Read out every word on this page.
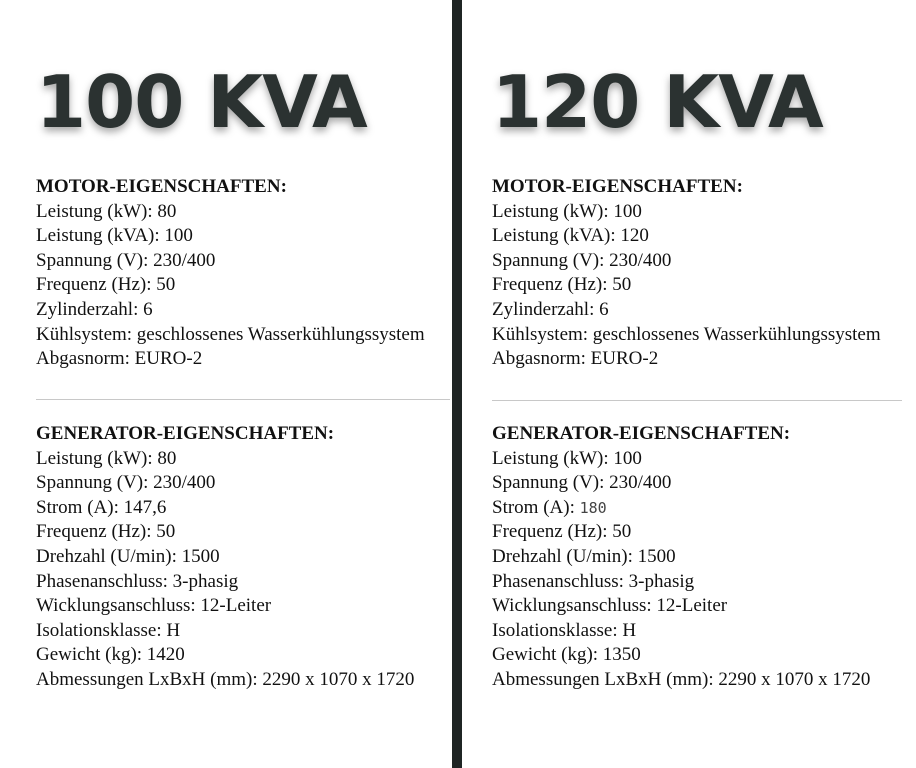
100 KVA
MOTOR-EIGENSCHAFTEN:
Leistung (kW): 80
Leistung (kVA): 100
Spannung (V): 230/400
Frequenz (Hz): 50
Zylinderzahl: 6
Kühlsystem: geschlossenes Wasserkühlungssystem
Abgasnorm: EURO-2
GENERATOR-EIGENSCHAFTEN:
Leistung (kW): 80
Spannung (V): 230/400
Strom (A): 147,6
Frequenz (Hz): 50
Drehzahl (U/min): 1500
Phasenanschluss: 3-phasig
Wicklungsanschluss: 12-Leiter
Isolationsklasse: H
Gewicht (kg): 1420
Abmessungen LxBxH (mm): 2290 x 1070 x 1720
120 KVA
MOTOR-EIGENSCHAFTEN:
Leistung (kW): 100
Leistung (kVA): 120
Spannung (V): 230/400
Frequenz (Hz): 50
Zylinderzahl: 6
Kühlsystem: geschlossenes Wasserkühlungssystem
Abgasnorm: EURO-2
GENERATOR-EIGENSCHAFTEN:
Leistung (kW): 100
Spannung (V): 230/400
Strom (A): 180
Frequenz (Hz): 50
Drehzahl (U/min): 1500
Phasenanschluss: 3-phasig
Wicklungsanschluss: 12-Leiter
Isolationsklasse: H
Gewicht (kg): 1350
Abmessungen LxBxH (mm): 2290 x 1070 x 1720
